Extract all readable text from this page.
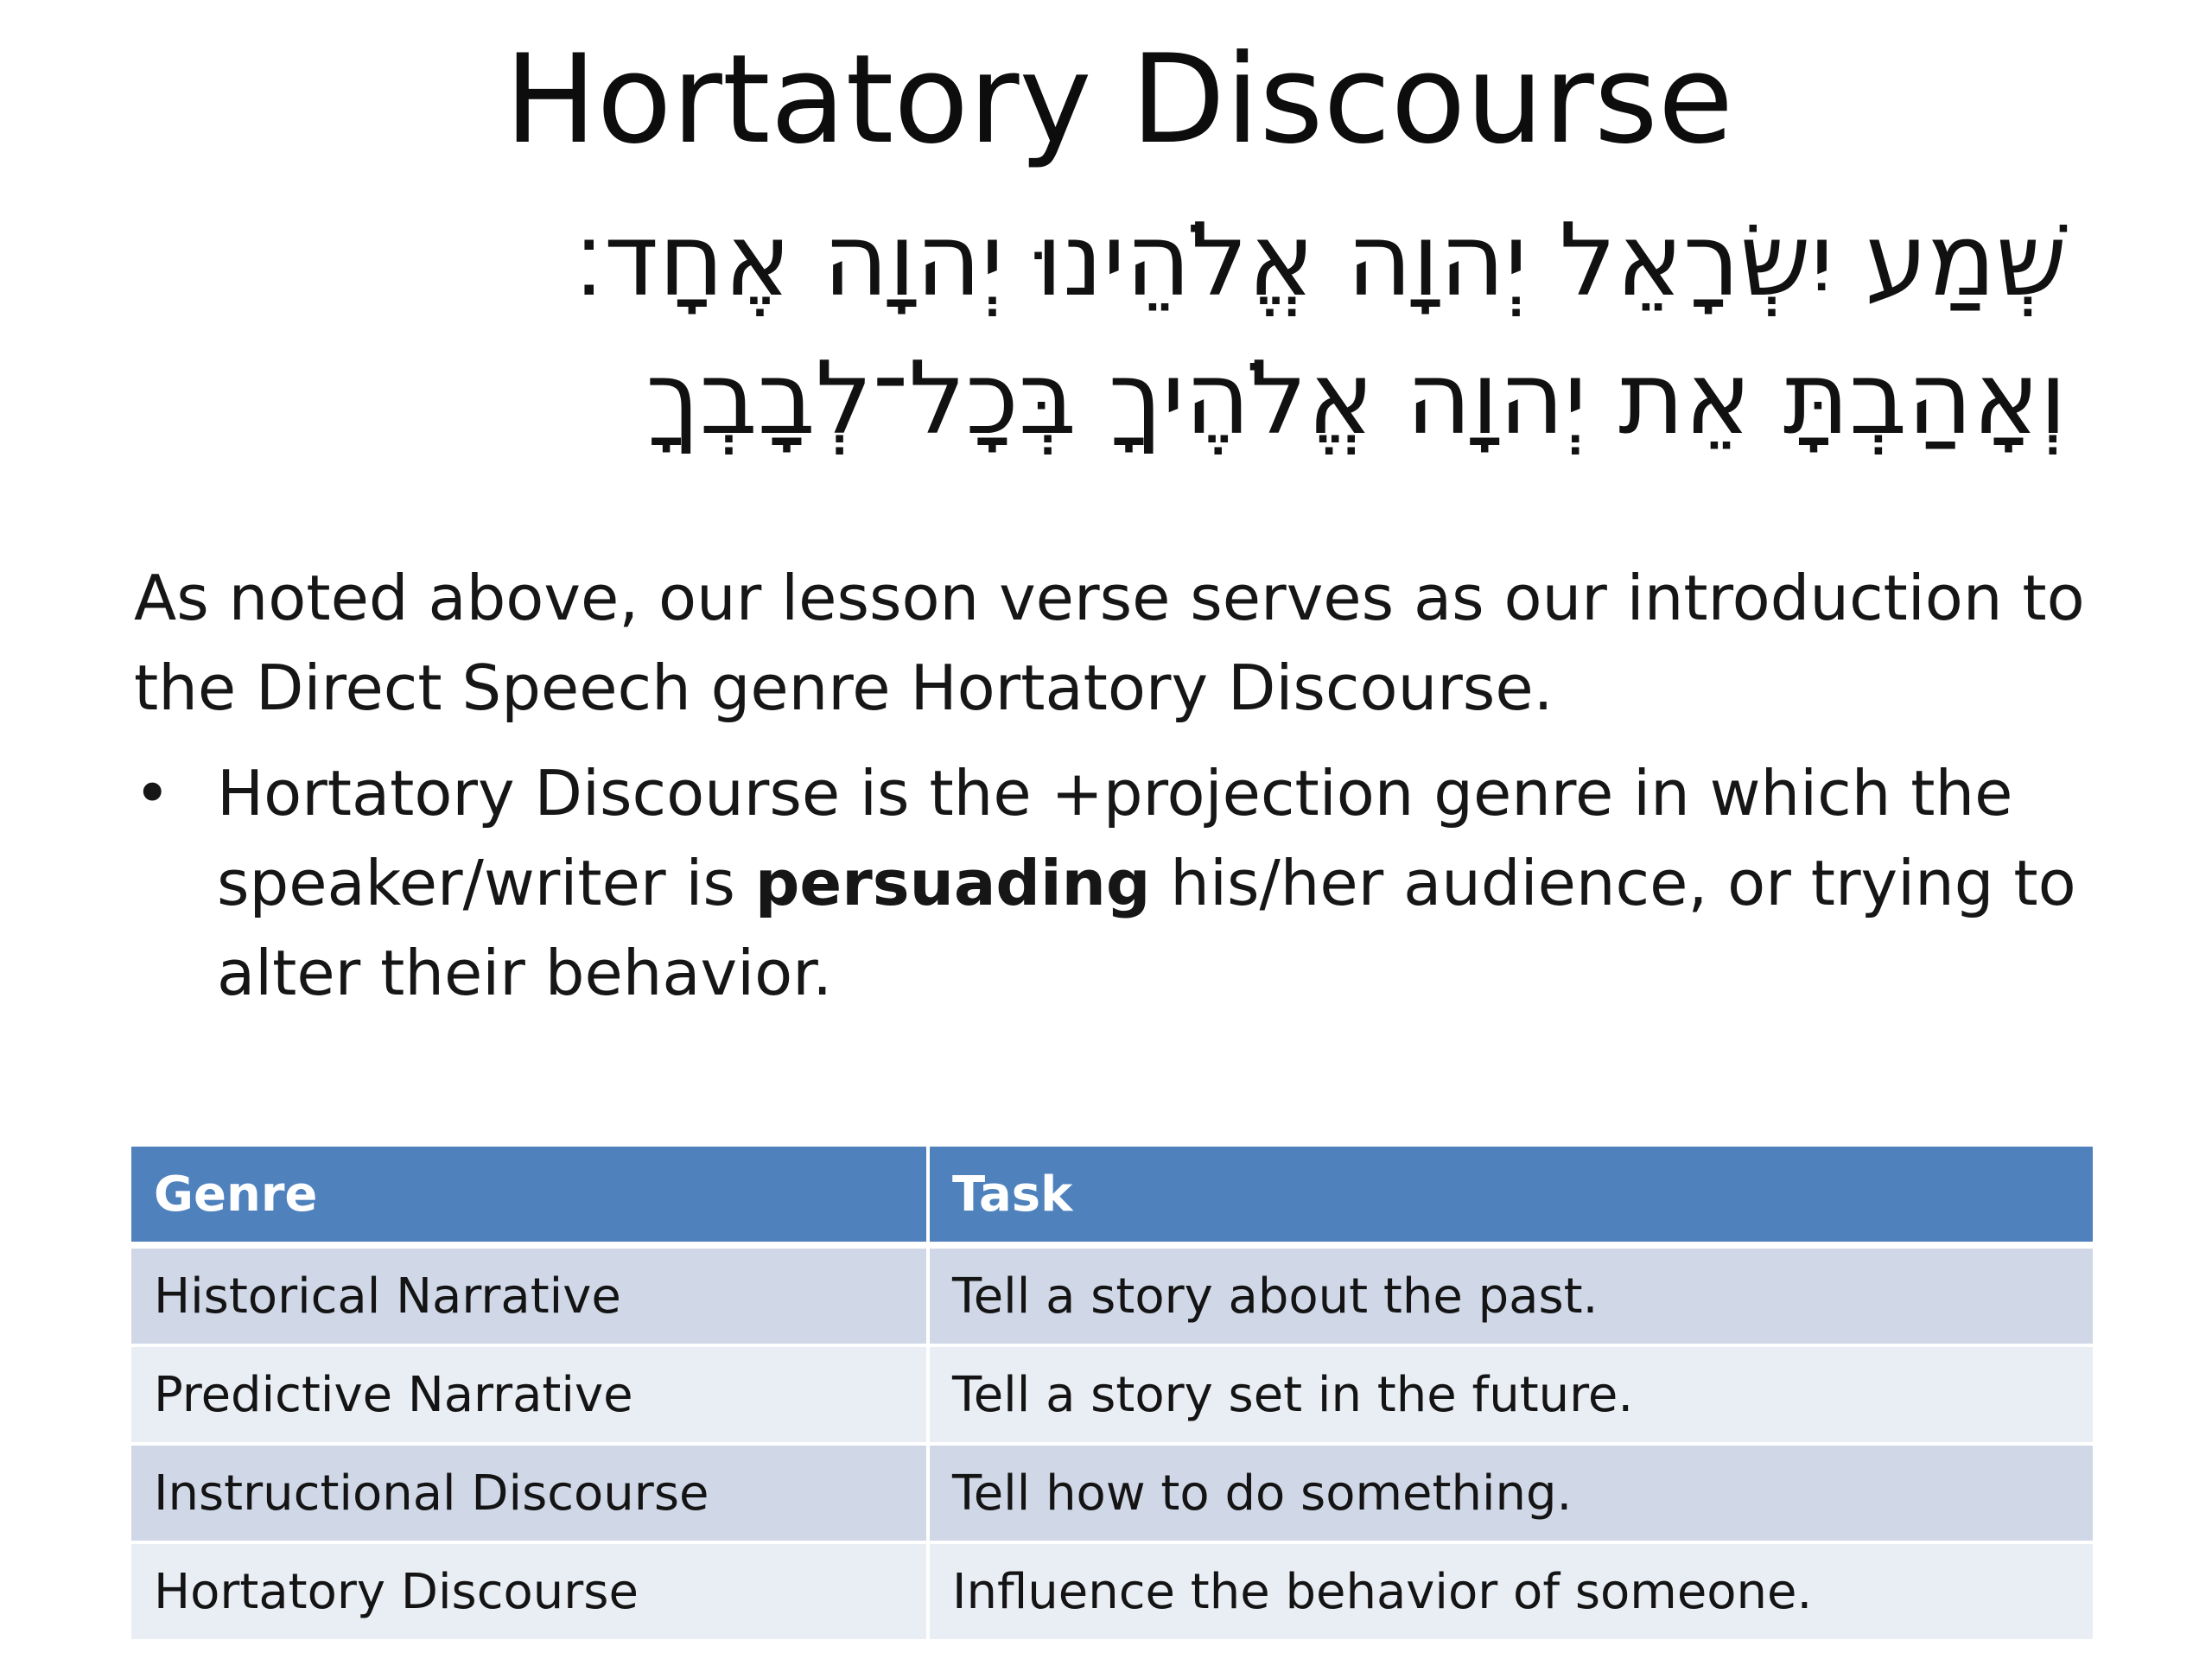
Hortatory Discourse
שְׁמַע יִשְׂרָאֵל יְהוָה אֱלֹהֵינוּ יְהוָה אֶחָד׃
וְאָהַבְתָּ אֵת יְהוָה אֱלֹהֶיךָ בְּכָל־לְבָבְךָ

As noted above, our lesson verse serves as our introduction to the Direct Speech genre Hortatory Discourse.

• Hortatory Discourse is the +projection genre in which the speaker/writer is persuading his/her audience, or trying to alter their behavior.
Genre	Task
Historical Narrative	Tell a story about the past.
Predictive Narrative	Tell a story set in the future.
Instructional Discourse	Tell how to do something.
Hortatory Discourse	Influence the behavior of someone.
